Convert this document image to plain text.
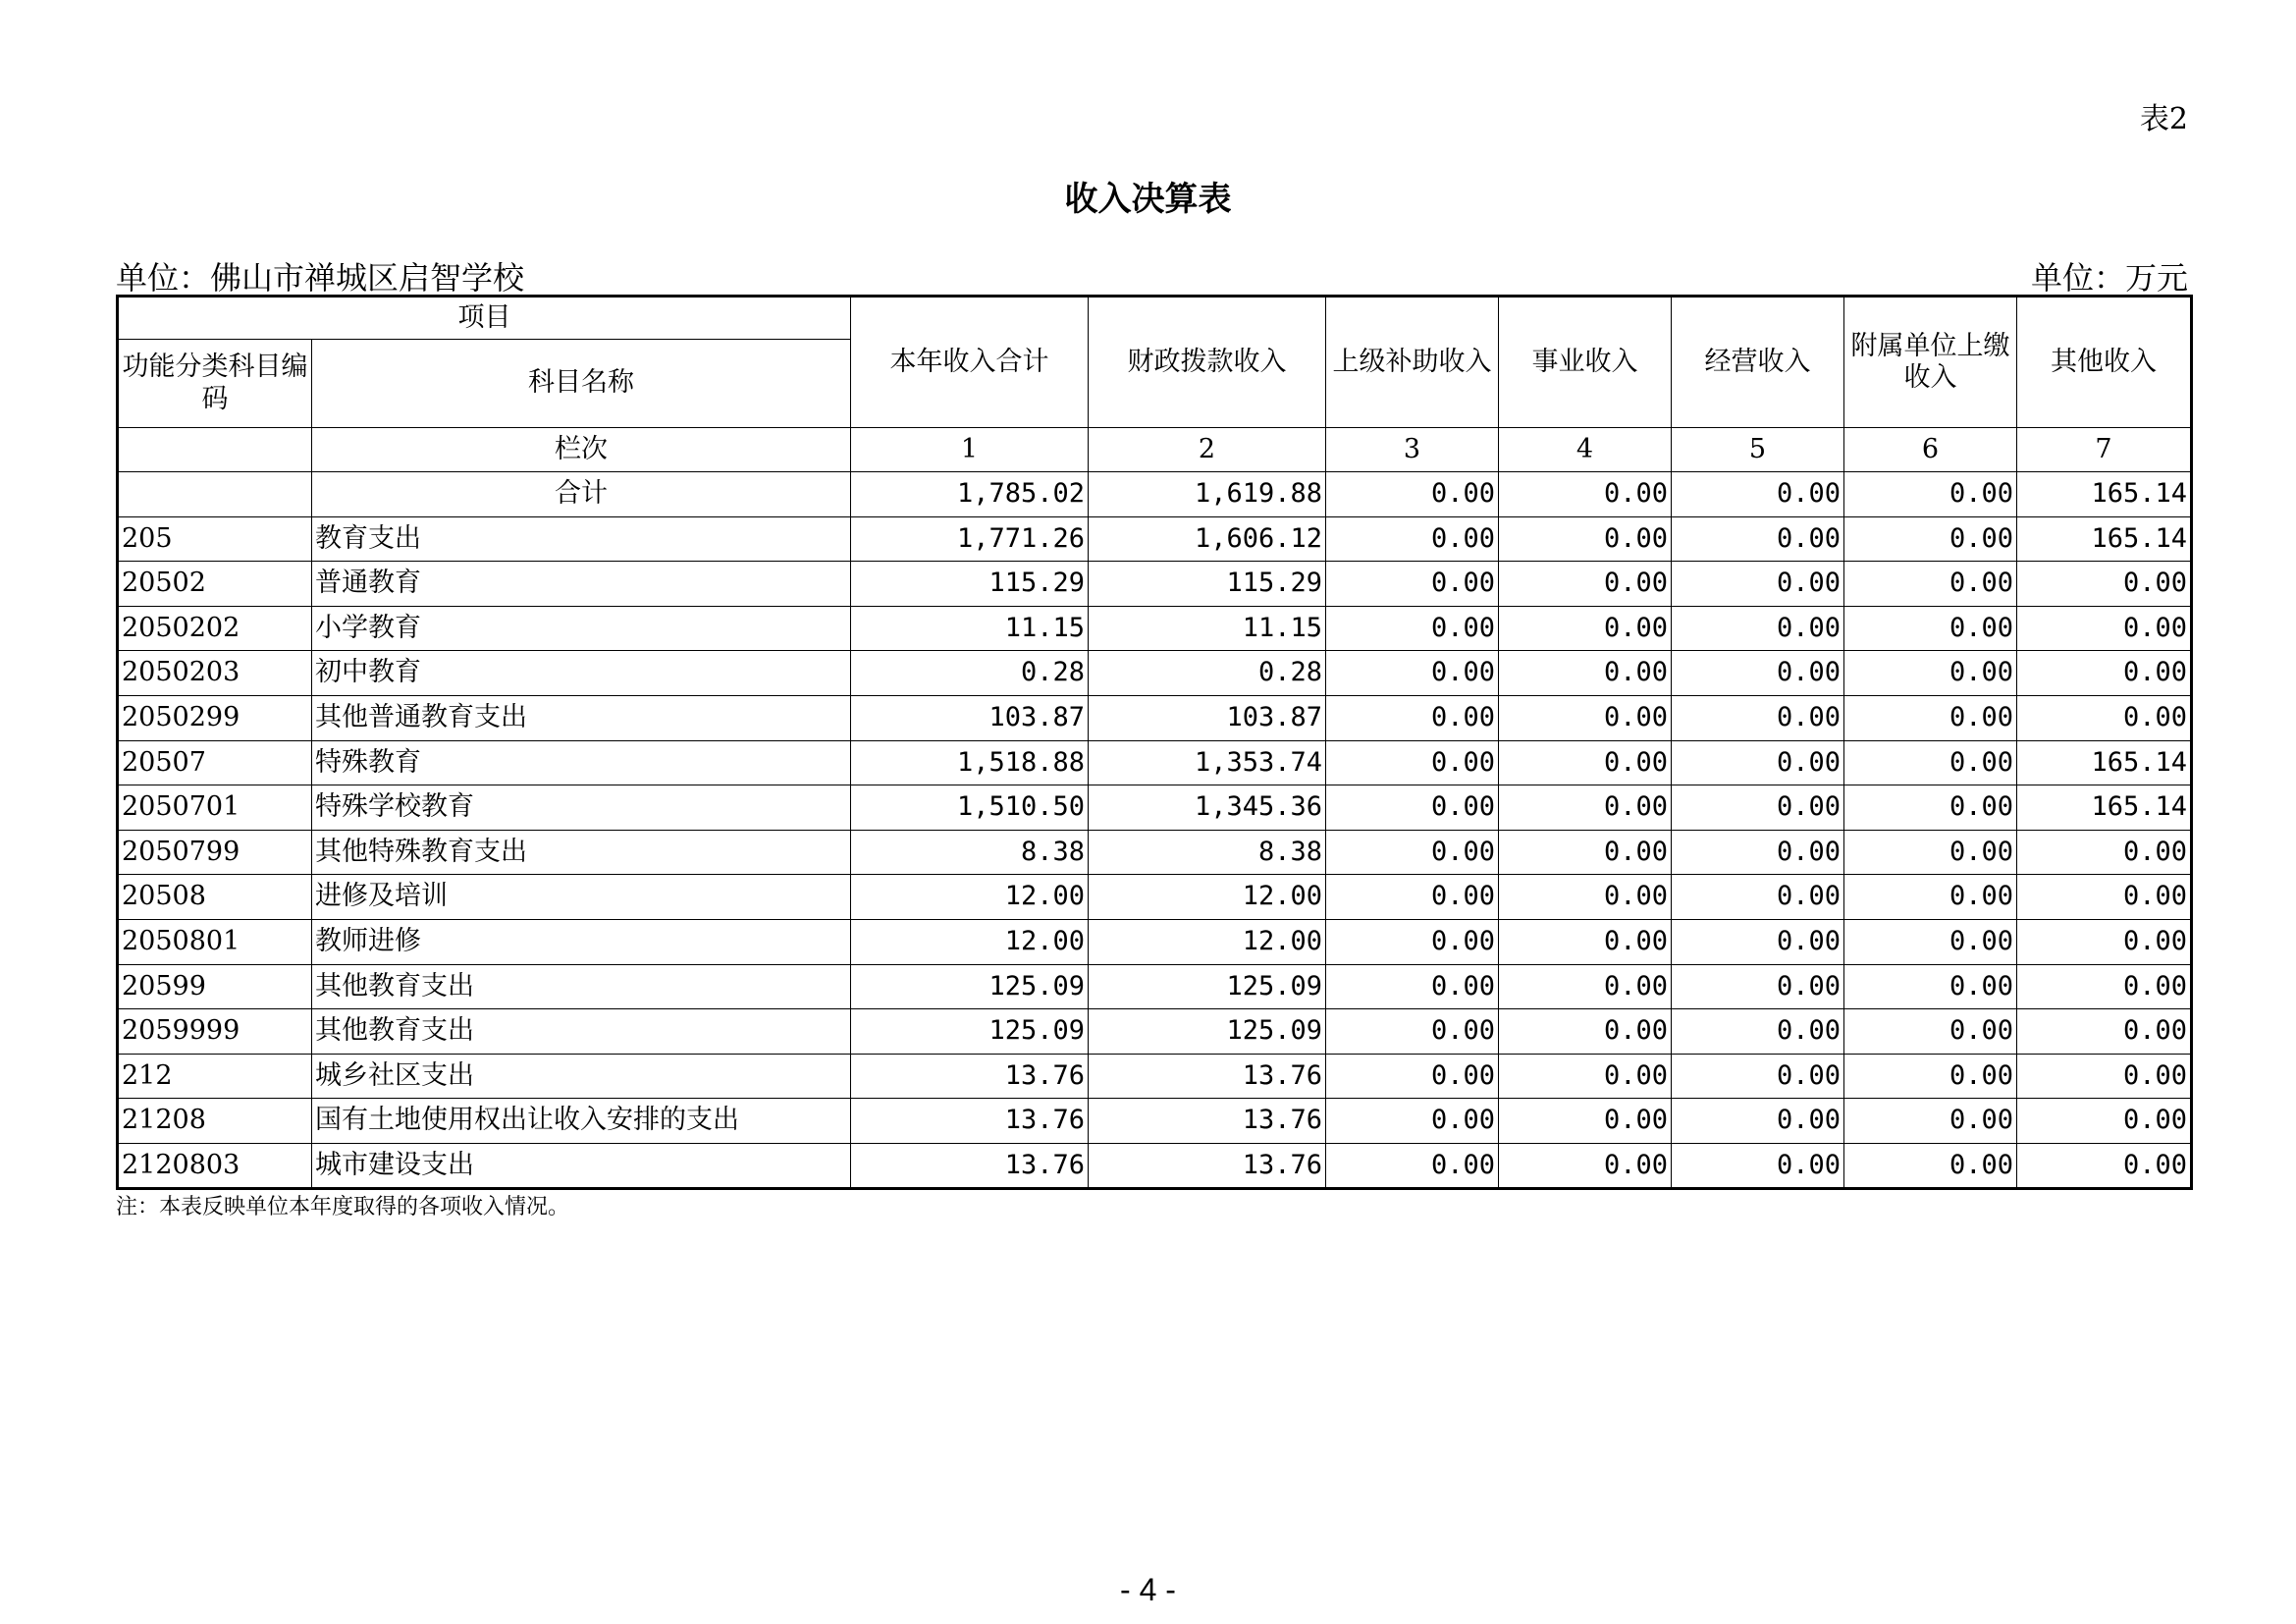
表2
收入决算表
单位：佛山市禅城区启智学校	单位：万元
项目		本年收入合计	财政拨款收入	上级补助收入	事业收入	经营收入	附属单位上缴收入	其他收入
功能分类科目编码	科目名称							
	栏次	1	2	3	4	5	6	7
	合计	1,785.02	1,619.88	0.00	0.00	0.00	0.00	165.14
205	教育支出	1,771.26	1,606.12	0.00	0.00	0.00	0.00	165.14
20502	普通教育	115.29	115.29	0.00	0.00	0.00	0.00	0.00
2050202	小学教育	11.15	11.15	0.00	0.00	0.00	0.00	0.00
2050203	初中教育	0.28	0.28	0.00	0.00	0.00	0.00	0.00
2050299	其他普通教育支出	103.87	103.87	0.00	0.00	0.00	0.00	0.00
20507	特殊教育	1,518.88	1,353.74	0.00	0.00	0.00	0.00	165.14
2050701	特殊学校教育	1,510.50	1,345.36	0.00	0.00	0.00	0.00	165.14
2050799	其他特殊教育支出	8.38	8.38	0.00	0.00	0.00	0.00	0.00
20508	进修及培训	12.00	12.00	0.00	0.00	0.00	0.00	0.00
2050801	教师进修	12.00	12.00	0.00	0.00	0.00	0.00	0.00
20599	其他教育支出	125.09	125.09	0.00	0.00	0.00	0.00	0.00
2059999	其他教育支出	125.09	125.09	0.00	0.00	0.00	0.00	0.00
212	城乡社区支出	13.76	13.76	0.00	0.00	0.00	0.00	0.00
21208	国有土地使用权出让收入安排的支出	13.76	13.76	0.00	0.00	0.00	0.00	0.00
2120803	城市建设支出	13.76	13.76	0.00	0.00	0.00	0.00	0.00
注：本表反映单位本年度取得的各项收入情况。
- 4 -
